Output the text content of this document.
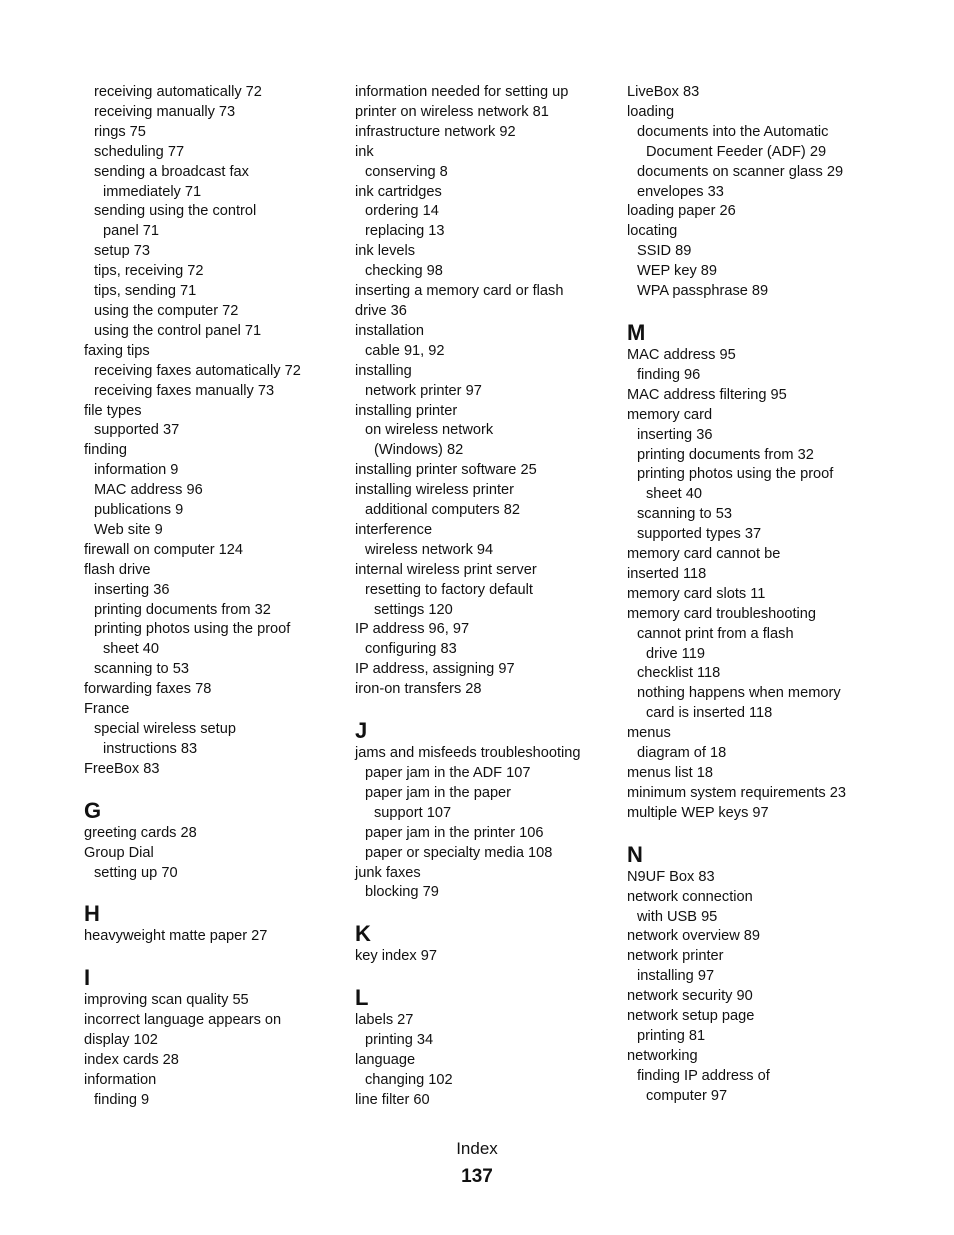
receiving automatically 72
receiving manually 73
rings 75
scheduling 77
sending a broadcast fax
immediately 71
sending using the control
panel 71
setup 73
tips, receiving 72
tips, sending 71
using the computer 72
using the control panel 71
faxing tips
receiving faxes automatically 72
receiving faxes manually 73
file types
supported 37
finding
information 9
MAC address 96
publications 9
Web site 9
firewall on computer 124
flash drive
inserting 36
printing documents from 32
printing photos using the proof
sheet 40
scanning to 53
forwarding faxes 78
France
special wireless setup
instructions 83
FreeBox 83
G
greeting cards 28
Group Dial
setting up 70
H
heavyweight matte paper 27
I
improving scan quality 55
incorrect language appears on
display 102
index cards 28
information
finding 9
information needed for setting up
printer on wireless network 81
infrastructure network 92
ink
conserving 8
ink cartridges
ordering 14
replacing 13
ink levels
checking 98
inserting a memory card or flash
drive 36
installation
cable 91, 92
installing
network printer 97
installing printer
on wireless network
(Windows) 82
installing printer software 25
installing wireless printer
additional computers 82
interference
wireless network 94
internal wireless print server
resetting to factory default
settings 120
IP address 96, 97
configuring 83
IP address, assigning 97
iron-on transfers 28
J
jams and misfeeds troubleshooting
paper jam in the ADF 107
paper jam in the paper
support 107
paper jam in the printer 106
paper or specialty media 108
junk faxes
blocking 79
K
key index 97
L
labels 27
printing 34
language
changing 102
line filter 60
LiveBox 83
loading
documents into the Automatic
Document Feeder (ADF) 29
documents on scanner glass 29
envelopes 33
loading paper 26
locating
SSID 89
WEP key 89
WPA passphrase 89
M
MAC address 95
finding 96
MAC address filtering 95
memory card
inserting 36
printing documents from 32
printing photos using the proof
sheet 40
scanning to 53
supported types 37
memory card cannot be
inserted 118
memory card slots 11
memory card troubleshooting
cannot print from a flash
drive 119
checklist 118
nothing happens when memory
card is inserted 118
menus
diagram of 18
menus list 18
minimum system requirements 23
multiple WEP keys 97
N
N9UF Box 83
network connection
with USB 95
network overview 89
network printer
installing 97
network security 90
network setup page
printing 81
networking
finding IP address of
computer 97
Index
137
